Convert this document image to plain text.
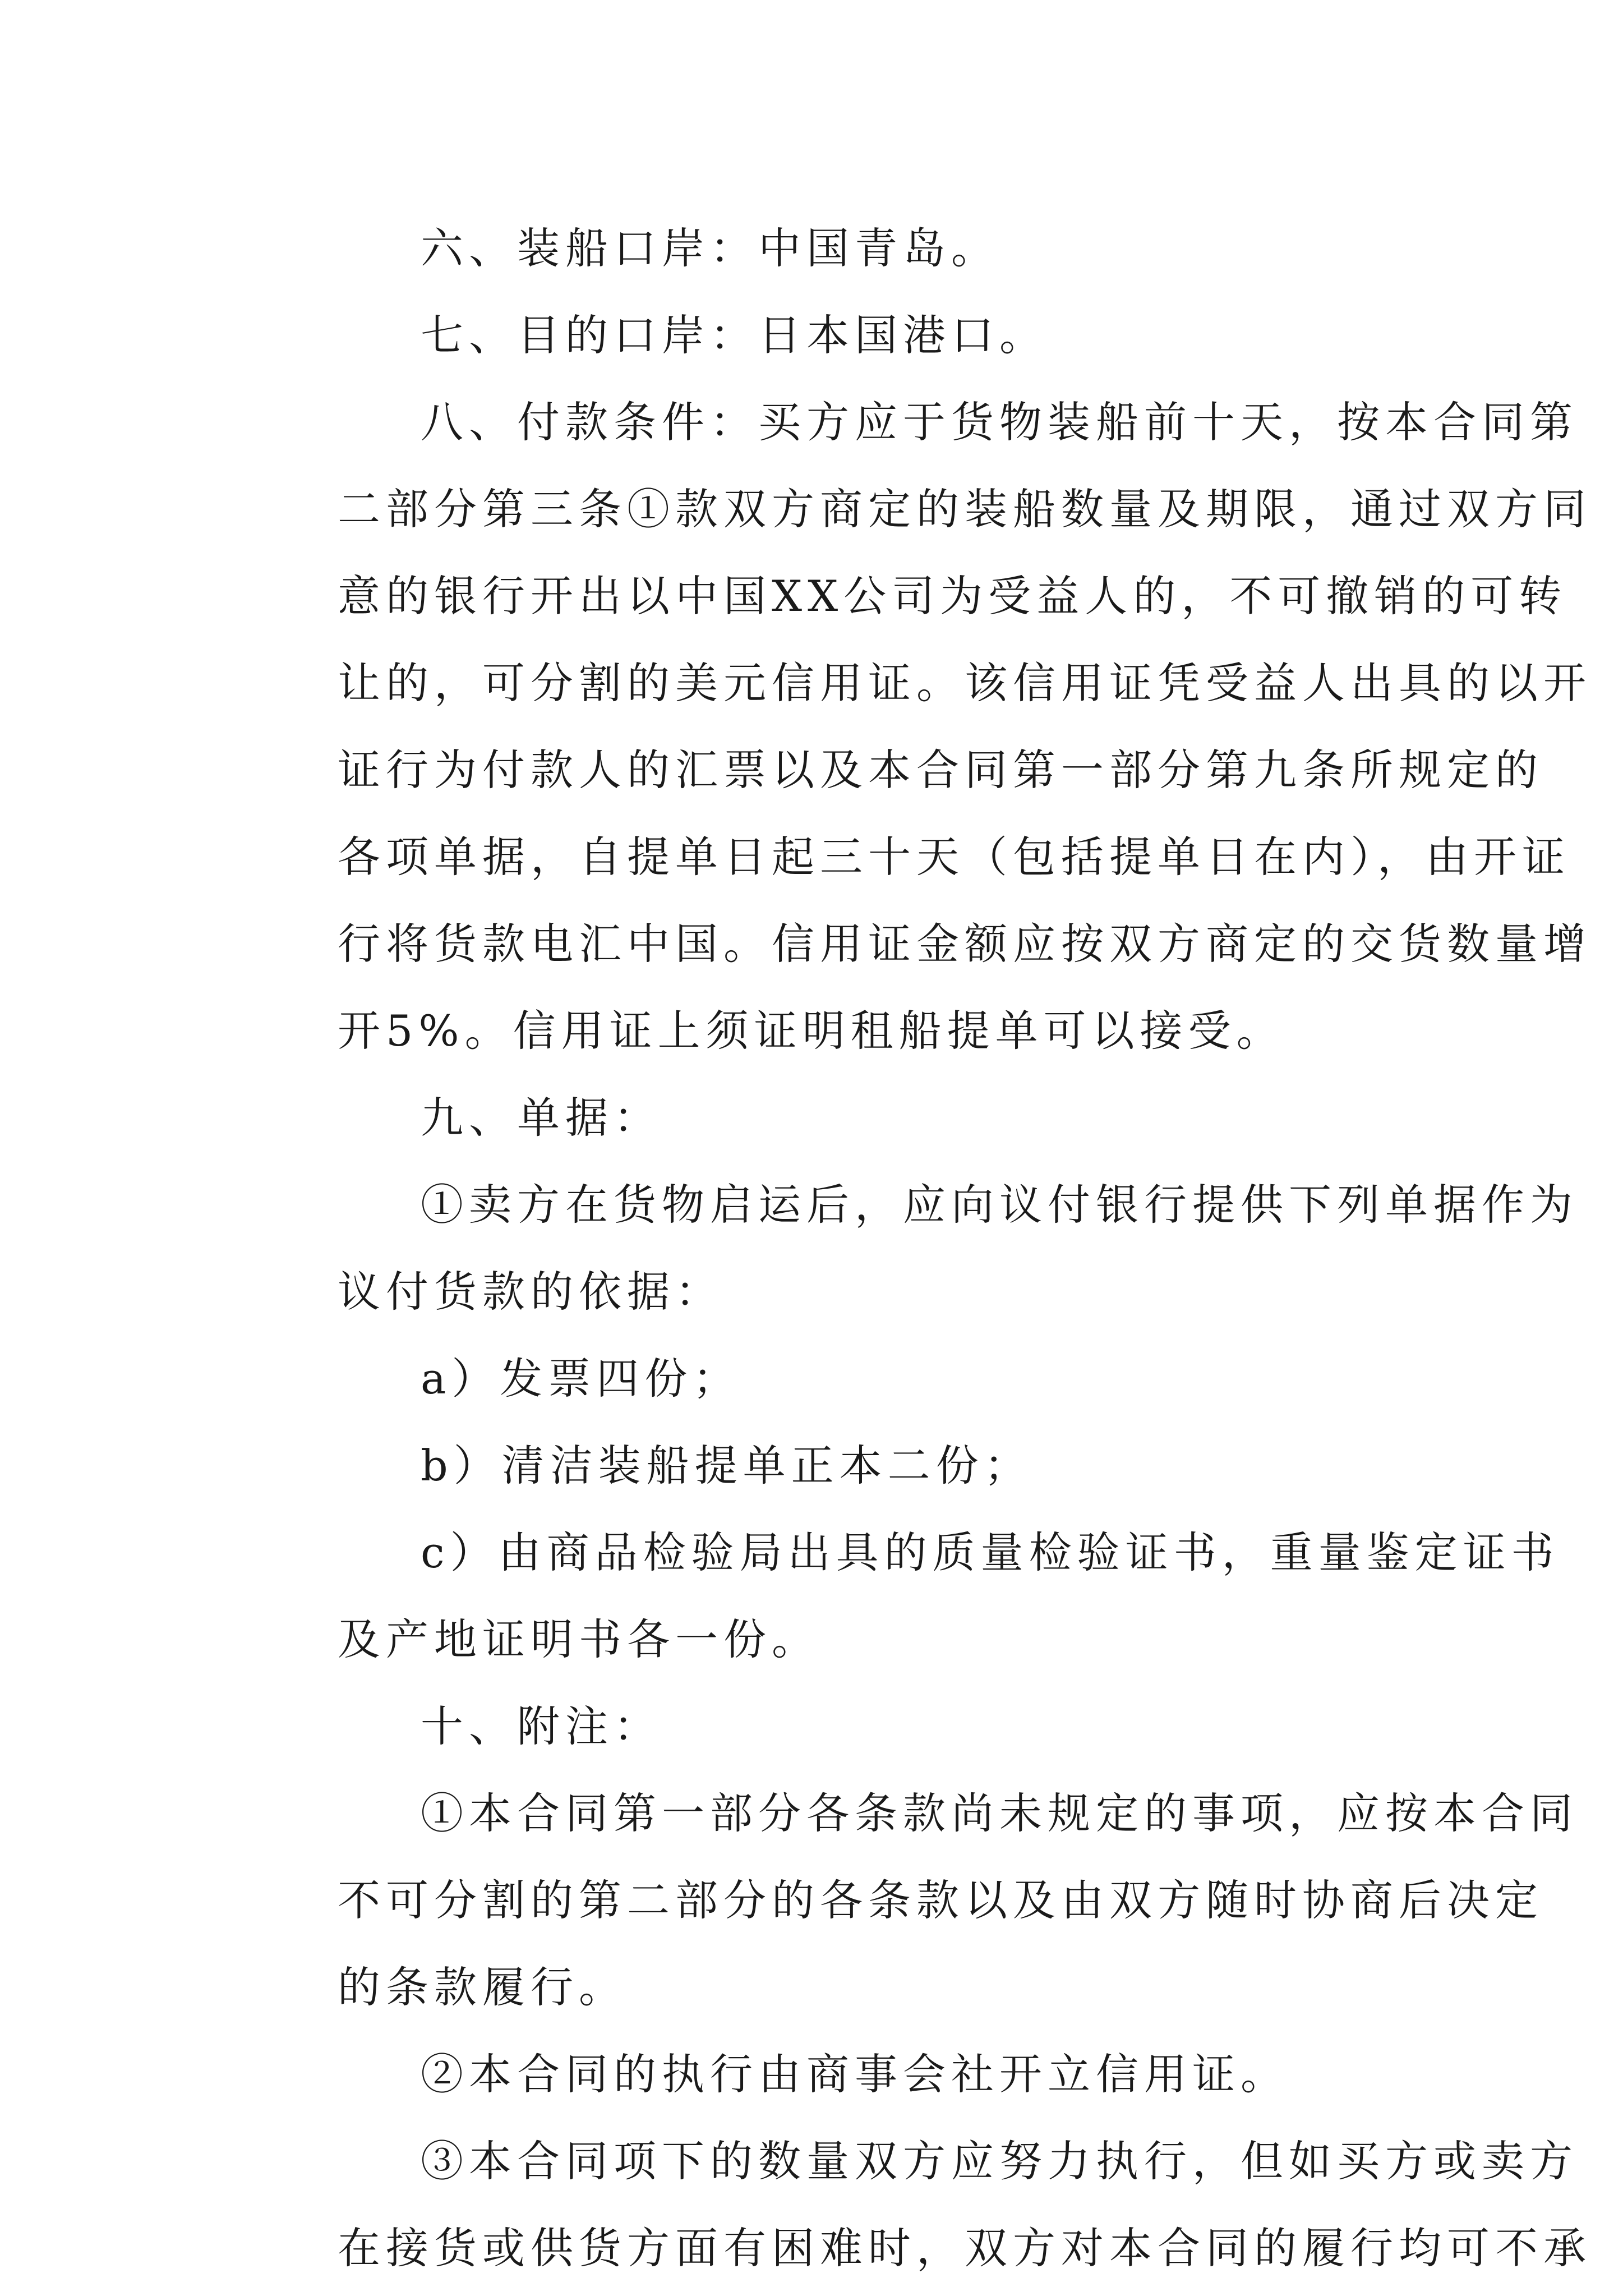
六、装船口岸：中国青岛。
七、目的口岸：日本国港口。
八、付款条件：买方应于货物装船前十天，按本合同第
二部分第三条①款双方商定的装船数量及期限，通过双方同
意的银行开出以中国XX公司为受益人的，不可撤销的可转
让的，可分割的美元信用证。该信用证凭受益人出具的以开
证行为付款人的汇票以及本合同第一部分第九条所规定的
各项单据，自提单日起三十天（包括提单日在内），由开证
行将货款电汇中国。信用证金额应按双方商定的交货数量增
开5%。信用证上须证明租船提单可以接受。
九、单据：
①卖方在货物启运后，应向议付银行提供下列单据作为
议付货款的依据：
a）发票四份；
b）清洁装船提单正本二份；
c）由商品检验局出具的质量检验证书，重量鉴定证书
及产地证明书各一份。
十、附注：
①本合同第一部分各条款尚未规定的事项，应按本合同
不可分割的第二部分的各条款以及由双方随时协商后决定
的条款履行。
②本合同的执行由商事会社开立信用证。
③本合同项下的数量双方应努力执行，但如买方或卖方
在接货或供货方面有困难时，双方对本合同的履行均可不承
